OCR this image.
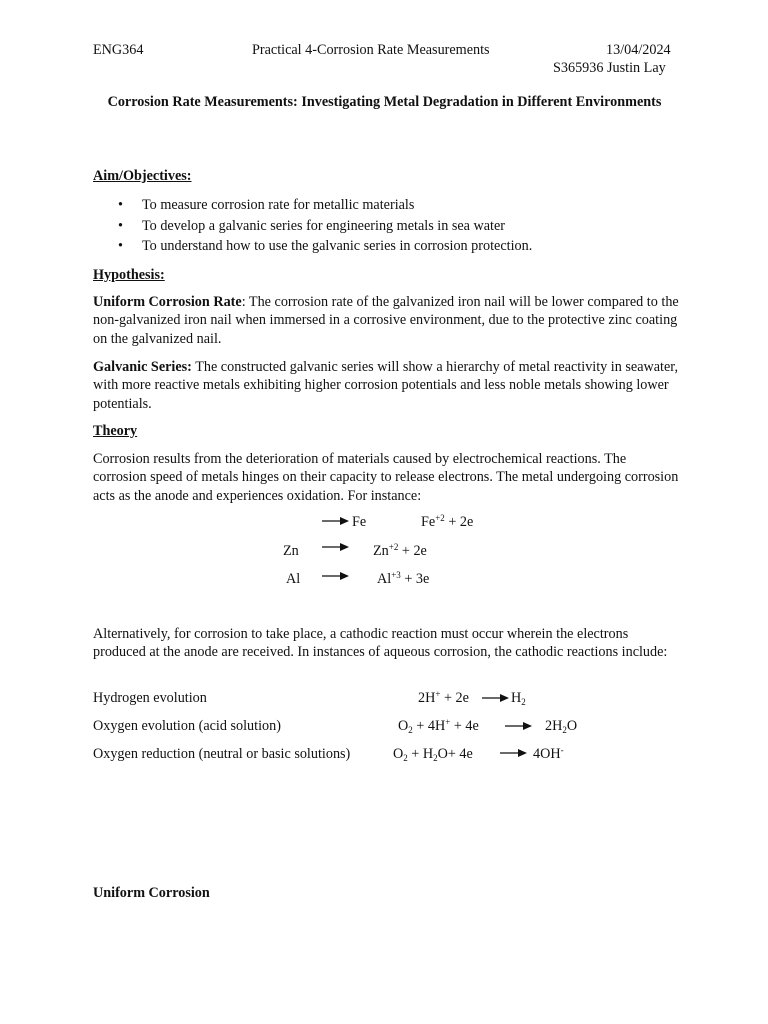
ENG364	Practical 4-Corrosion Rate Measurements	13/04/2024
S365936 Justin Lay
Corrosion Rate Measurements: Investigating Metal Degradation in Different Environments
Aim/Objectives:
• To measure corrosion rate for metallic materials
• To develop a galvanic series for engineering metals in sea water
• To understand how to use the galvanic series in corrosion protection.
Hypothesis:
Uniform Corrosion Rate: The corrosion rate of the galvanized iron nail will be lower compared to the non-galvanized iron nail when immersed in a corrosive environment, due to the protective zinc coating on the galvanized nail.
Galvanic Series: The constructed galvanic series will show a hierarchy of metal reactivity in seawater, with more reactive metals exhibiting higher corrosion potentials and less noble metals showing lower potentials.
Theory
Corrosion results from the deterioration of materials caused by electrochemical reactions. The corrosion speed of metals hinges on their capacity to release electrons. The metal undergoing corrosion acts as the anode and experiences oxidation. For instance:
Fe	$Fe^{+2} + 2e$
Zn	$Zn^{+2} + 2e$
Al	$Al^{+3} + 3e$
Alternatively, for corrosion to take place, a cathodic reaction must occur wherein the electrons produced at the anode are received. In instances of aqueous corrosion, the cathodic reactions include:
Hydrogen evolution	2H+ + 2e	$H_2$
Oxygen evolution (acid solution)	$O_2 + 4H^+ + 4e$	$2H_2O$
Oxygen reduction (neutral or basic solutions)	$O_2 + H_2O+ 4e$	4OH-
Uniform Corrosion
